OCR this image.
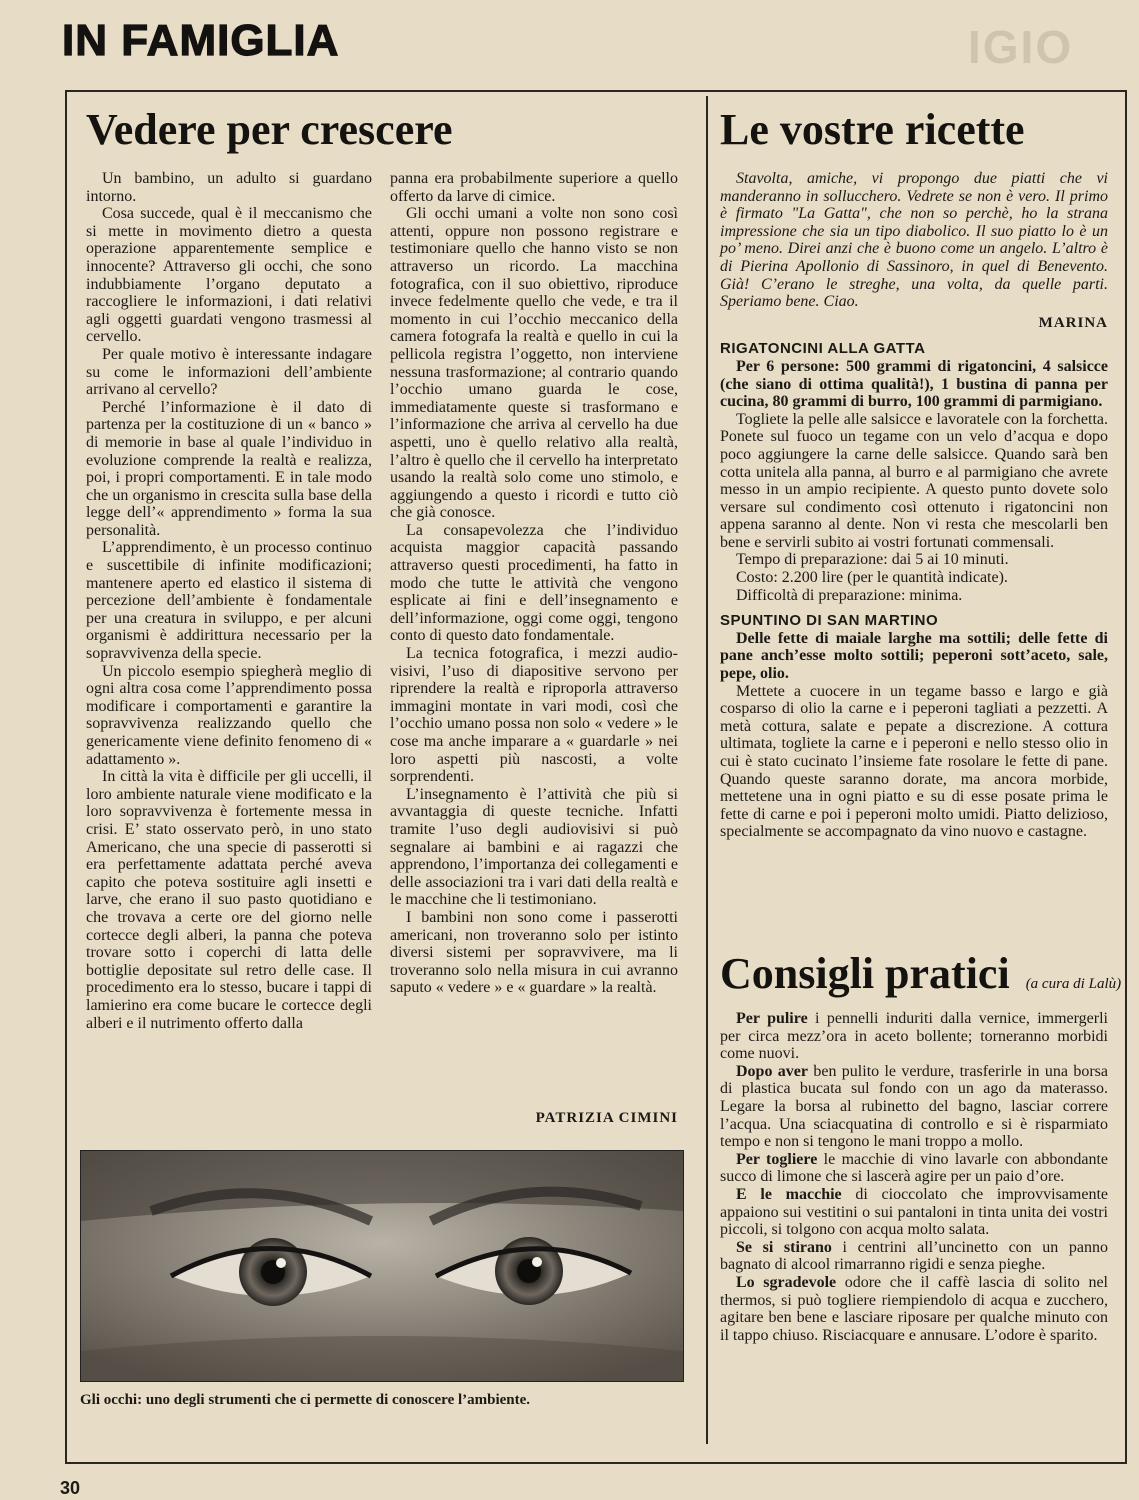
IN FAMIGLIA	IGIO
Vedere per crescere

Un bambino, un adulto si guardano intorno.

Cosa succede, qual è il meccanismo che si mette in movimento dietro a questa operazione apparentemente semplice e innocente? Attraverso gli occhi, che sono indubbiamente l’organo deputato a raccogliere le informazioni, i dati relativi agli oggetti guardati vengono trasmessi al cervello.

Per quale motivo è interessante indagare su come le informazioni dell’ambiente arrivano al cervello?

Perché l’informazione è il dato di partenza per la costituzione di un « banco » di memorie in base al quale l’individuo in evoluzione comprende la realtà e realizza, poi, i propri comportamenti. E in tale modo che un organismo in crescita sulla base della legge dell’« apprendimento » forma la sua personalità.

L’apprendimento, è un processo continuo e suscettibile di infinite modificazioni; mantenere aperto ed elastico il sistema di percezione dell’ambiente è fondamentale per una creatura in sviluppo, e per alcuni organismi è addirittura necessario per la sopravvivenza della specie.

Un piccolo esempio spiegherà meglio di ogni altra cosa come l’apprendimento possa modificare i comportamenti e garantire la sopravvivenza realizzando quello che genericamente viene definito fenomeno di « adattamento ».

In città la vita è difficile per gli uccelli, il loro ambiente naturale viene modificato e la loro sopravvivenza è fortemente messa in crisi. E’ stato osservato però, in uno stato Americano, che una specie di passerotti si era perfettamente adattata perché aveva capito che poteva sostituire agli insetti e larve, che erano il suo pasto quotidiano e che trovava a certe ore del giorno nelle cortecce degli alberi, la panna che poteva trovare sotto i coperchi di latta delle bottiglie depositate sul retro delle case. Il procedimento era lo stesso, bucare i tappi di lamierino era come bucare le cortecce degli alberi e il nutrimento offerto dalla

panna era probabilmente superiore a quello offerto da larve di cimice.

Gli occhi umani a volte non sono così attenti, oppure non possono registrare e testimoniare quello che hanno visto se non attraverso un ricordo. La macchina fotografica, con il suo obiettivo, riproduce invece fedelmente quello che vede, e tra il momento in cui l’occhio meccanico della camera fotografa la realtà e quello in cui la pellicola registra l’oggetto, non interviene nessuna trasformazione; al contrario quando l’occhio umano guarda le cose, immediatamente queste si trasformano e l’informazione che arriva al cervello ha due aspetti, uno è quello relativo alla realtà, l’altro è quello che il cervello ha interpretato usando la realtà solo come uno stimolo, e aggiungendo a questo i ricordi e tutto ciò che già conosce.

La consapevolezza che l’individuo acquista maggior capacità passando attraverso questi procedimenti, ha fatto in modo che tutte le attività che vengono esplicate ai fini e dell’insegnamento e dell’informazione, oggi come oggi, tengono conto di questo dato fondamentale.

La tecnica fotografica, i mezzi audio-visivi, l’uso di diapositive servono per riprendere la realtà e riproporla attraverso immagini montate in vari modi, così che l’occhio umano possa non solo « vedere » le cose ma anche imparare a « guardarle » nei loro aspetti più nascosti, a volte sorprendenti.

L’insegnamento è l’attività che più si avvantaggia di queste tecniche. Infatti tramite l’uso degli audiovisivi si può segnalare ai bambini e ai ragazzi che apprendono, l’importanza dei collegamenti e delle associazioni tra i vari dati della realtà e le macchine che li testimoniano.

I bambini non sono come i passerotti americani, non troveranno solo per istinto diversi sistemi per sopravvivere, ma li troveranno solo nella misura in cui avranno saputo « vedere » e « guardare » la realtà.

PATRIZIA CIMINI
Gli occhi: uno degli strumenti che ci permette di conoscere l’ambiente.
Le vostre ricette

Stavolta, amiche, vi propongo due piatti che vi manderanno in sollucchero. Vedrete se non è vero. Il primo è firmato "La Gatta", che non so perchè, ho la strana impressione che sia un tipo diabolico. Il suo piatto lo è un po’ meno. Direi anzi che è buono come un angelo. L’altro è di Pierina Apollonio di Sassinoro, in quel di Benevento. Già! C’erano le streghe, una volta, da quelle parti. Speriamo bene. Ciao.

MARINA
RIGATONCINI ALLA GATTA

Per 6 persone: 500 grammi di rigatoncini, 4 salsicce (che siano di ottima qualità!), 1 bustina di panna per cucina, 80 grammi di burro, 100 grammi di parmigiano.

Togliete la pelle alle salsicce e lavoratele con la forchetta. Ponete sul fuoco un tegame con un velo d’acqua e dopo poco aggiungere la carne delle salsicce. Quando sarà ben cotta unitela alla panna, al burro e al parmigiano che avrete messo in un ampio recipiente. A questo punto dovete solo versare sul condimento così ottenuto i rigatoncini non appena saranno al dente. Non vi resta che mescolarli ben bene e servirli subito ai vostri fortunati commensali.

Tempo di preparazione: dai 5 ai 10 minuti.

Costo: 2.200 lire (per le quantità indicate).

Difficoltà di preparazione: minima.

SPUNTINO DI SAN MARTINO

Delle fette di maiale larghe ma sottili; delle fette di pane anch’esse molto sottili; peperoni sott’aceto, sale, pepe, olio.

Mettete a cuocere in un tegame basso e largo e già cosparso di olio la carne e i peperoni tagliati a pezzetti. A metà cottura, salate e pepate a discrezione. A cottura ultimata, togliete la carne e i peperoni e nello stesso olio in cui è stato cucinato l’insieme fate rosolare le fette di pane. Quando queste saranno dorate, ma ancora morbide, mettetene una in ogni piatto e su di esse posate prima le fette di carne e poi i peperoni molto umidi. Piatto delizioso, specialmente se accompagnato da vino nuovo e castagne.

Consigli pratici (a cura di Lalù)

Per pulire i pennelli induriti dalla vernice, immergerli per circa mezz’ora in aceto bollente; torneranno morbidi come nuovi.

Dopo aver ben pulito le verdure, trasferirle in una borsa di plastica bucata sul fondo con un ago da materasso. Legare la borsa al rubinetto del bagno, lasciar correre l’acqua. Una sciacquatina di controllo e si è risparmiato tempo e non si tengono le mani troppo a mollo.

Per togliere le macchie di vino lavarle con abbondante succo di limone che si lascerà agire per un paio d’ore.

E le macchie di cioccolato che improvvisamente appaiono sui vestitini o sui pantaloni in tinta unita dei vostri piccoli, si tolgono con acqua molto salata.

Se si stirano i centrini all’uncinetto con un panno bagnato di alcool rimarranno rigidi e senza pieghe.

Lo sgradevole odore che il caffè lascia di solito nel thermos, si può togliere riempiendolo di acqua e zucchero, agitare ben bene e lasciare riposare per qualche minuto con il tappo chiuso. Risciacquare e annusare. L’odore è sparito.

30
